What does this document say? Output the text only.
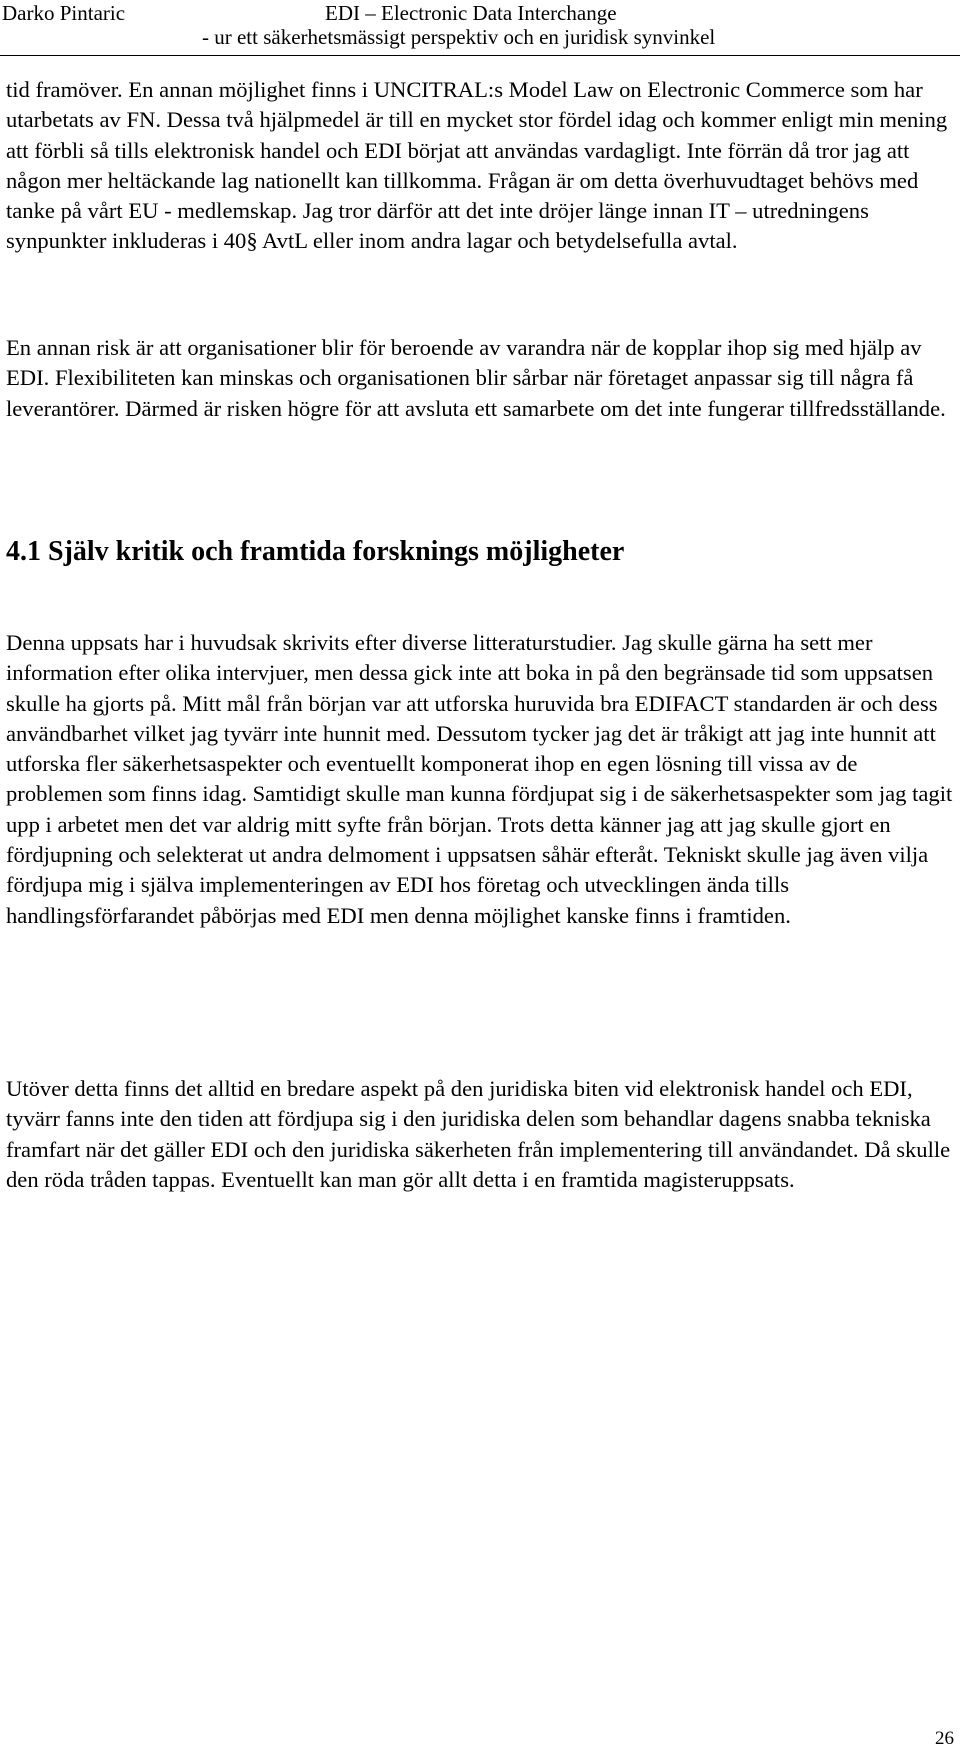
Darko Pintaric	EDI – Electronic Data Interchange
- ur ett säkerhetsmässigt perspektiv och en juridisk synvinkel

tid framöver. En annan möjlighet finns i UNCITRAL:s Model Law on Electronic Commerce som har utarbetats av FN. Dessa två hjälpmedel är till en mycket stor fördel idag och kommer enligt min mening att förbli så tills elektronisk handel och EDI börjat att användas vardagligt. Inte förrän då tror jag att någon mer heltäckande lag nationellt kan tillkomma. Frågan är om detta överhuvudtaget behövs med tanke på vårt EU - medlemskap. Jag tror därför att det inte dröjer länge innan IT – utredningens synpunkter inkluderas i 40§ AvtL eller inom andra lagar och betydelsefulla avtal.

En annan risk är att organisationer blir för beroende av varandra när de kopplar ihop sig med hjälp av EDI. Flexibiliteten kan minskas och organisationen blir sårbar när företaget anpassar sig till några få leverantörer. Därmed är risken högre för att avsluta ett samarbete om det inte fungerar tillfredsställande.

4.1 Själv kritik och framtida forsknings möjligheter

Denna uppsats har i huvudsak skrivits efter diverse litteraturstudier. Jag skulle gärna ha sett mer information efter olika intervjuer, men dessa gick inte att boka in på den begränsade tid som uppsatsen skulle ha gjorts på. Mitt mål från början var att utforska huruvida bra EDIFACT standarden är och dess användbarhet vilket jag tyvärr inte hunnit med. Dessutom tycker jag det är tråkigt att jag inte hunnit att utforska fler säkerhetsaspekter och eventuellt komponerat ihop en egen lösning till vissa av de problemen som finns idag. Samtidigt skulle man kunna fördjupat sig i de säkerhetsaspekter som jag tagit upp i arbetet men det var aldrig mitt syfte från början. Trots detta känner jag att jag skulle gjort en fördjupning och selekterat ut andra delmoment i uppsatsen såhär efteråt. Tekniskt skulle jag även vilja fördjupa mig i själva implementeringen av EDI hos företag och utvecklingen ända tills handlingsförfarandet påbörjas med EDI men denna möjlighet kanske finns i framtiden.

Utöver detta finns det alltid en bredare aspekt på den juridiska biten vid elektronisk handel och EDI, tyvärr fanns inte den tiden att fördjupa sig i den juridiska delen som behandlar dagens snabba tekniska framfart när det gäller EDI och den juridiska säkerheten från implementering till användandet. Då skulle den röda tråden tappas. Eventuellt kan man gör allt detta i en framtida magisteruppsats.

26
